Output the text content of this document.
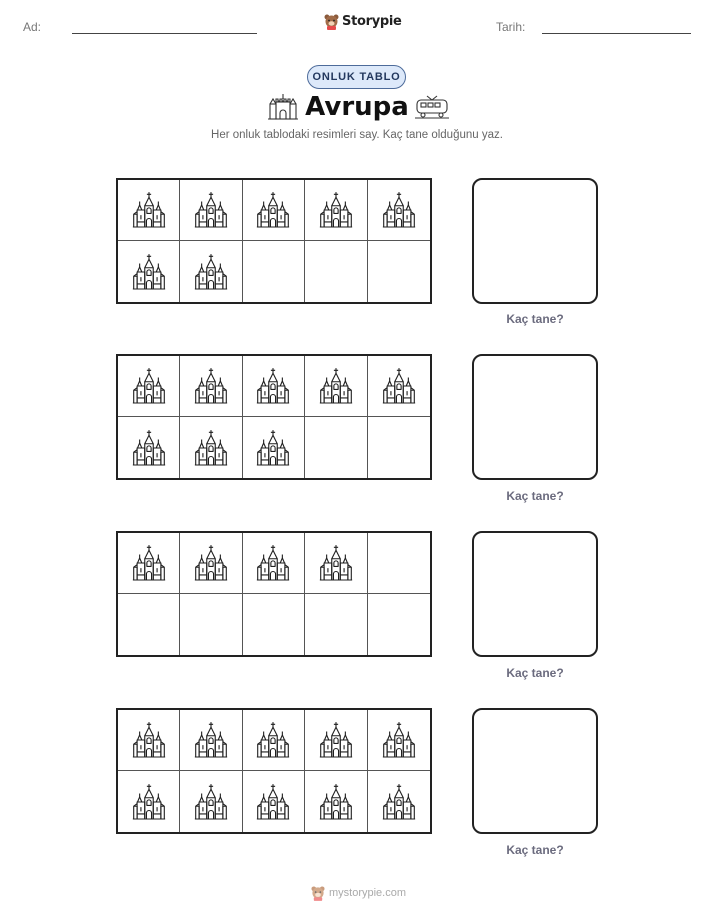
Ad:	Storypie	Tarih:
ONLUK TABLO
Avrupa
Her onluk tablodaki resimleri say. Kaç tane olduğunu yaz.
Kaç tane?
Kaç tane?
Kaç tane?
Kaç tane?
mystorypie.com
